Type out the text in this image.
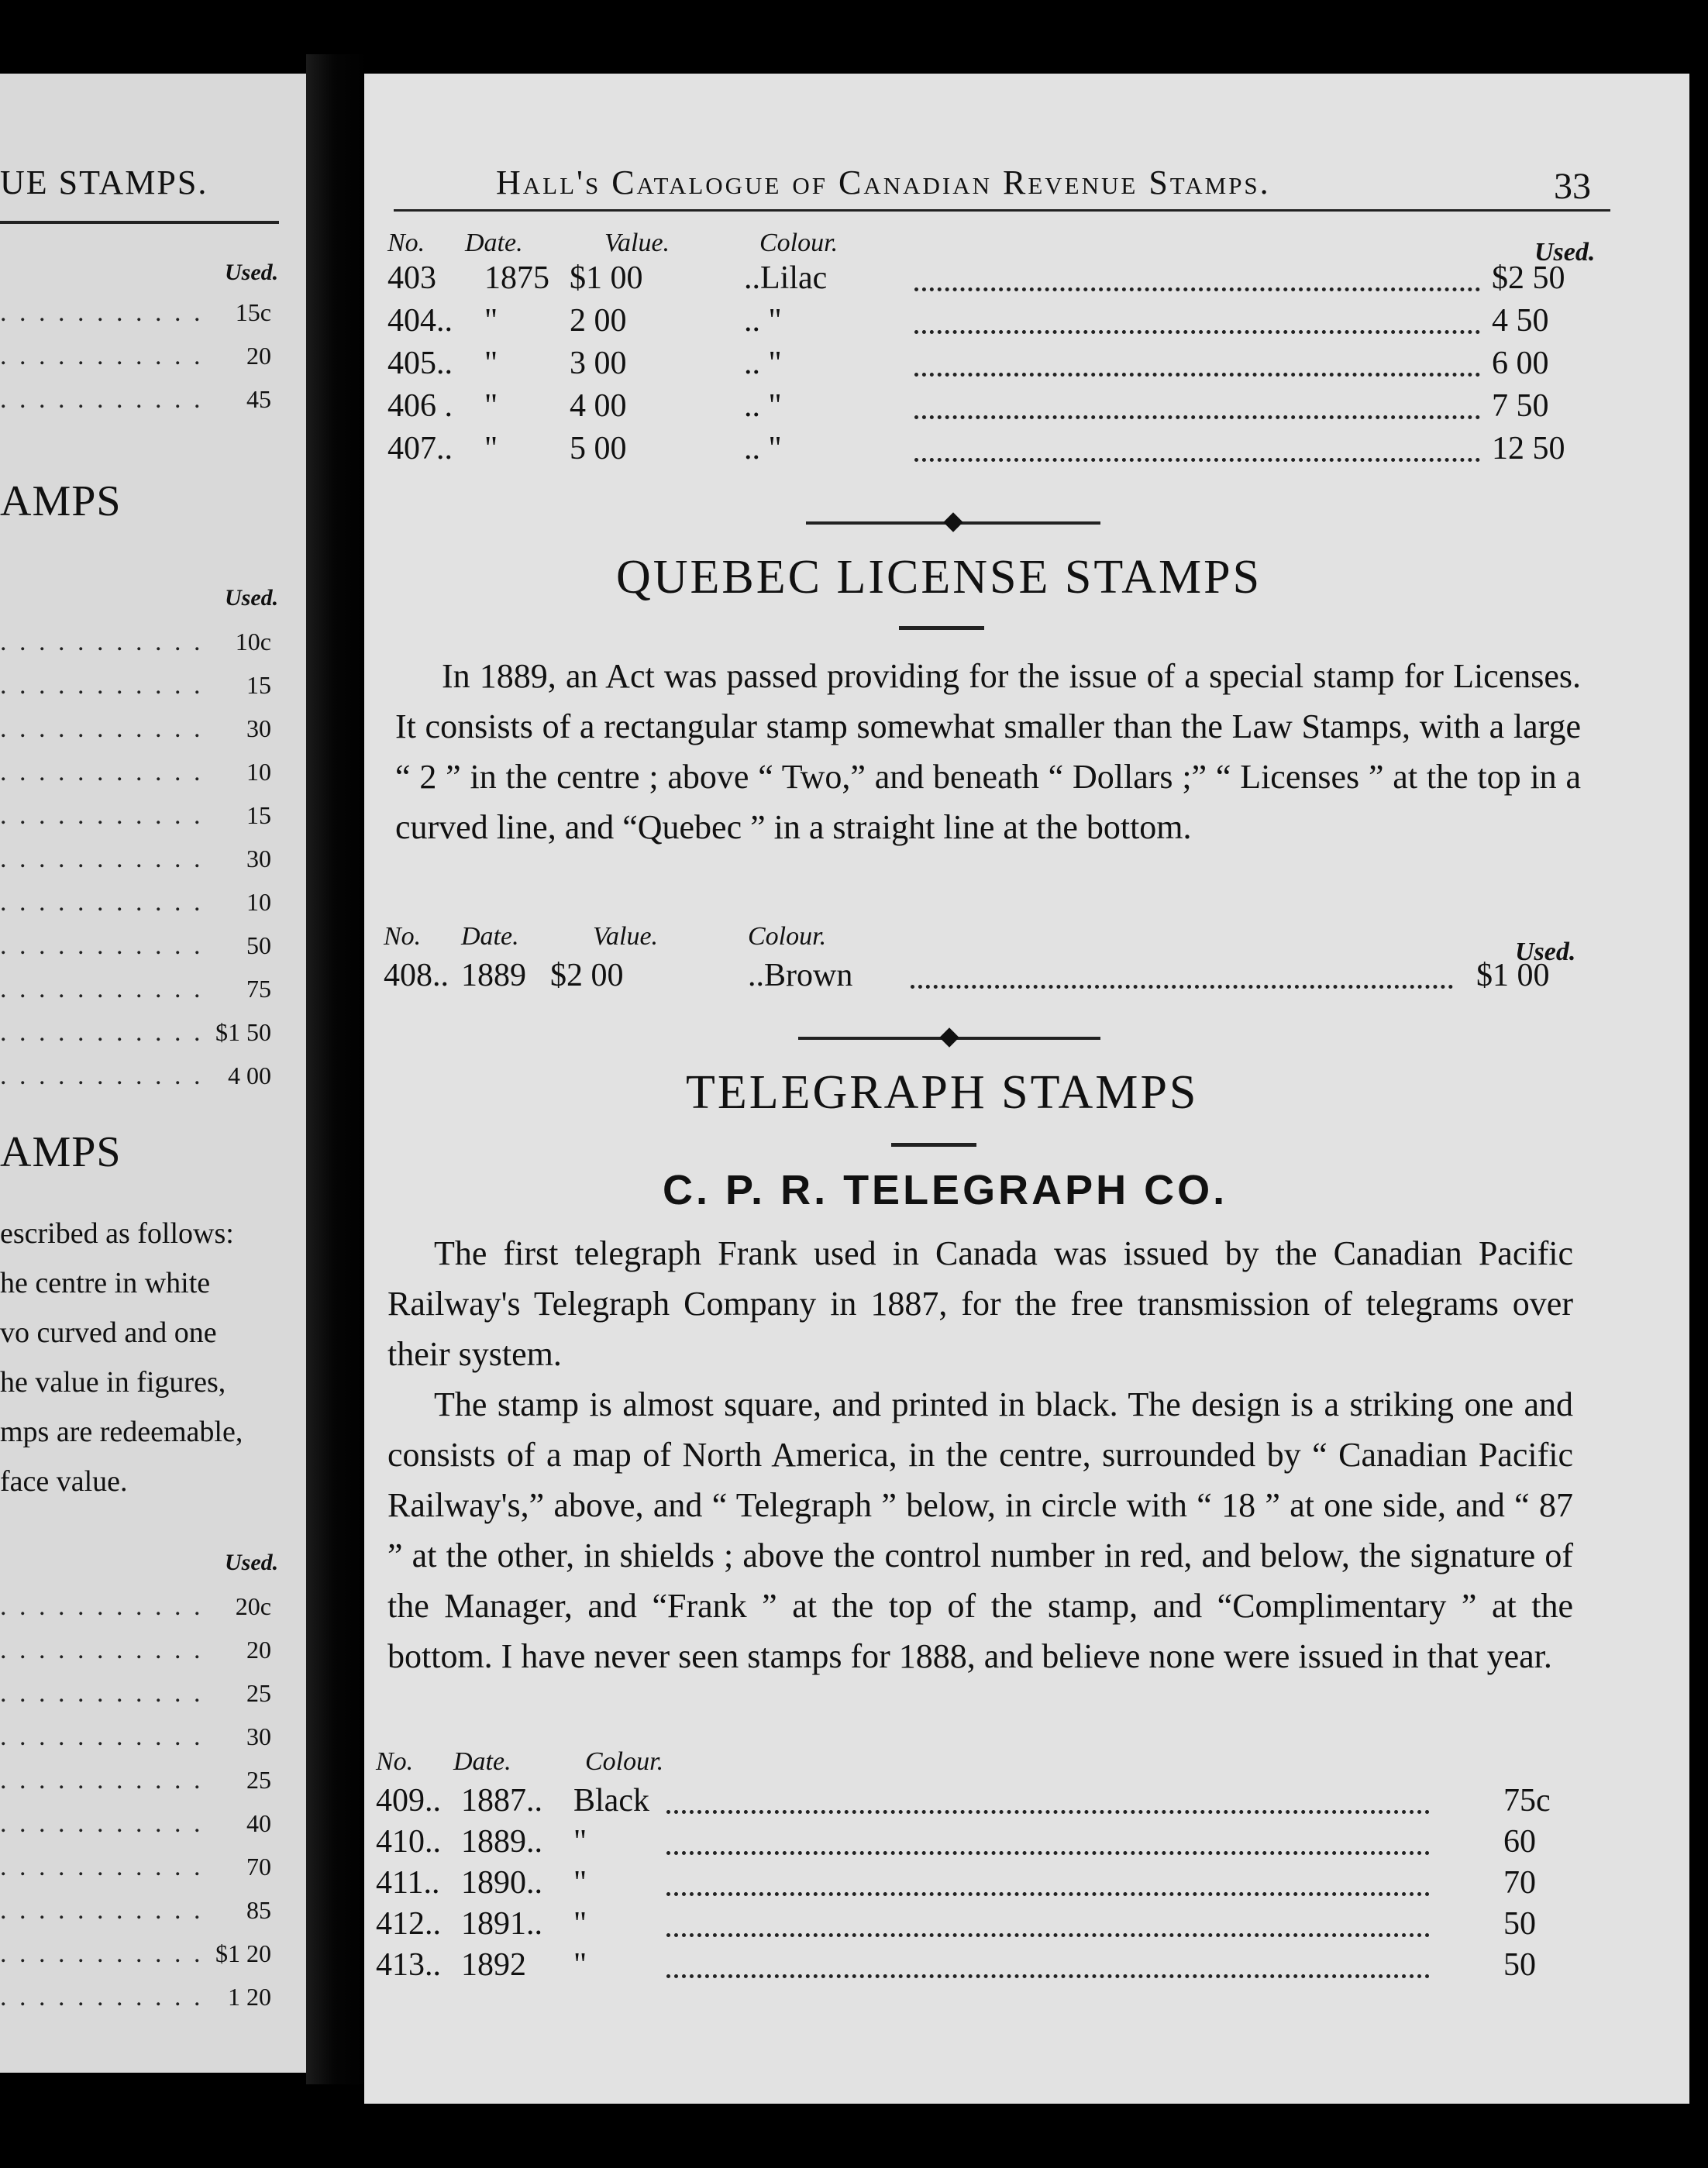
UE STAMPS.
Used.
. . . . . . . . . . . 15c
. . . . . . . . . . . 20
. . . . . . . . . . . 45
AMPS
Used.
. . . . . . . . . . . 10c
. . . . . . . . . . . 15
. . . . . . . . . . . 30
. . . . . . . . . . . 10
. . . . . . . . . . . 15
. . . . . . . . . . . 30
. . . . . . . . . . . 10
. . . . . . . . . . . 50
. . . . . . . . . . . 75
. . . . . . . . . . . $1 50
. . . . . . . . . . . 4 00
AMPS
escribed as follows:
he centre in white
vo curved and one
he value in figures,
mps are redeemable,
face value.
Used.
. . . . . . . . . . . 20c
. . . . . . . . . . . 20
. . . . . . . . . . . 25
. . . . . . . . . . . 30
. . . . . . . . . . . 25
. . . . . . . . . . . 40
. . . . . . . . . . . 70
. . . . . . . . . . . 85
. . . . . . . . . . . $1 20
. . . . . . . . . . . 1 20
Hall's Catalogue of Canadian Revenue Stamps.	33
No. Date.	Value.	Colour.	Used.
403 1875 $1 00	..Lilac	$2 50
404.. " 2 00	.. "	4 50
405.. " 3 00	.. "	6 00
406 . " 4 00	.. "	7 50
407.. " 5 00	.. "	12 50
QUEBEC LICENSE STAMPS

In 1889, an Act was passed providing for the issue of a special stamp for Licenses. It consists of a rectangular stamp somewhat smaller than the Law Stamps, with a large “ 2 ” in the centre ; above “ Two,” and beneath “ Dollars ;” “ Licenses ” at the top in a curved line, and “Quebec ” in a straight line at the bottom.

No. Date.	Value.	Colour.
Used.
408.. 1889 $2 00	..Brown	$1 00
TELEGRAPH STAMPS
C. P. R. TELEGRAPH CO.

The first telegraph Frank used in Canada was issued by the Canadian Pacific Railway's Telegraph Company in 1887, for the free transmission of telegrams over their system.

The stamp is almost square, and printed in black. The design is a striking one and consists of a map of North America, in the centre, surrounded by “ Canadian Pacific Railway's,” above, and “ Telegraph ” below, in circle with “ 18 ” at one side, and “ 87 ” at the other, in shields ; above the control number in red, and below, the signature of the Manager, and “Frank ” at the top of the stamp, and “Complimentary ” at the bottom. I have never seen stamps for 1888, and believe none were issued in that year.

No. Date.	Colour.
409.. 1887.. Black	75c
410.. 1889.. "	60
411.. 1890.. "	70
412.. 1891.. "	50
413.. 1892 "	50
